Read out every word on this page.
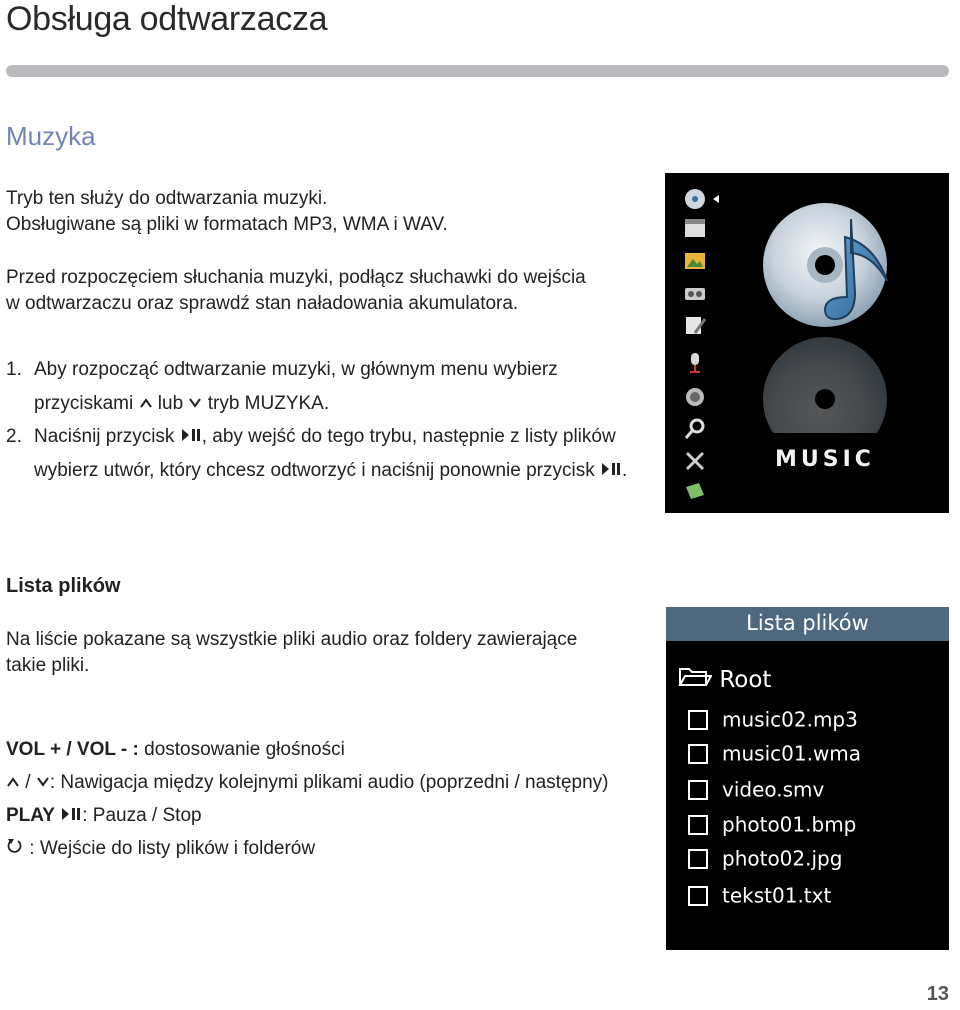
Obsługa odtwarzacza
Muzyka
Tryb ten służy do odtwarzania muzyki.
Obsługiwane są pliki w formatach MP3, WMA i WAV.
Przed rozpoczęciem słuchania muzyki, podłącz słuchawki do wejścia
w odtwarzaczu oraz sprawdź stan naładowania akumulatora.
1. Aby rozpocząć odtwarzanie muzyki, w głównym menu wybierz
przyciskami lub tryb MUZYKA.
2. Naciśnij przycisk , aby wejść do tego trybu, następnie z listy plików
wybierz utwór, który chcesz odtworzyć i naciśnij ponownie przycisk .	MUSIC
Lista plików
Na liście pokazane są wszystkie pliki audio oraz foldery zawierające
takie pliki.
VOL + / VOL - : dostosowanie głośności
/ : Nawigacja między kolejnymi plikami audio (poprzedni / następny)
PLAY : Pauza / Stop
: Wejście do listy plików i folderów
Lista plików
Root
music02.mp3
music01.wma
video.smv
photo01.bmp
photo02.jpg
tekst01.txt
13
